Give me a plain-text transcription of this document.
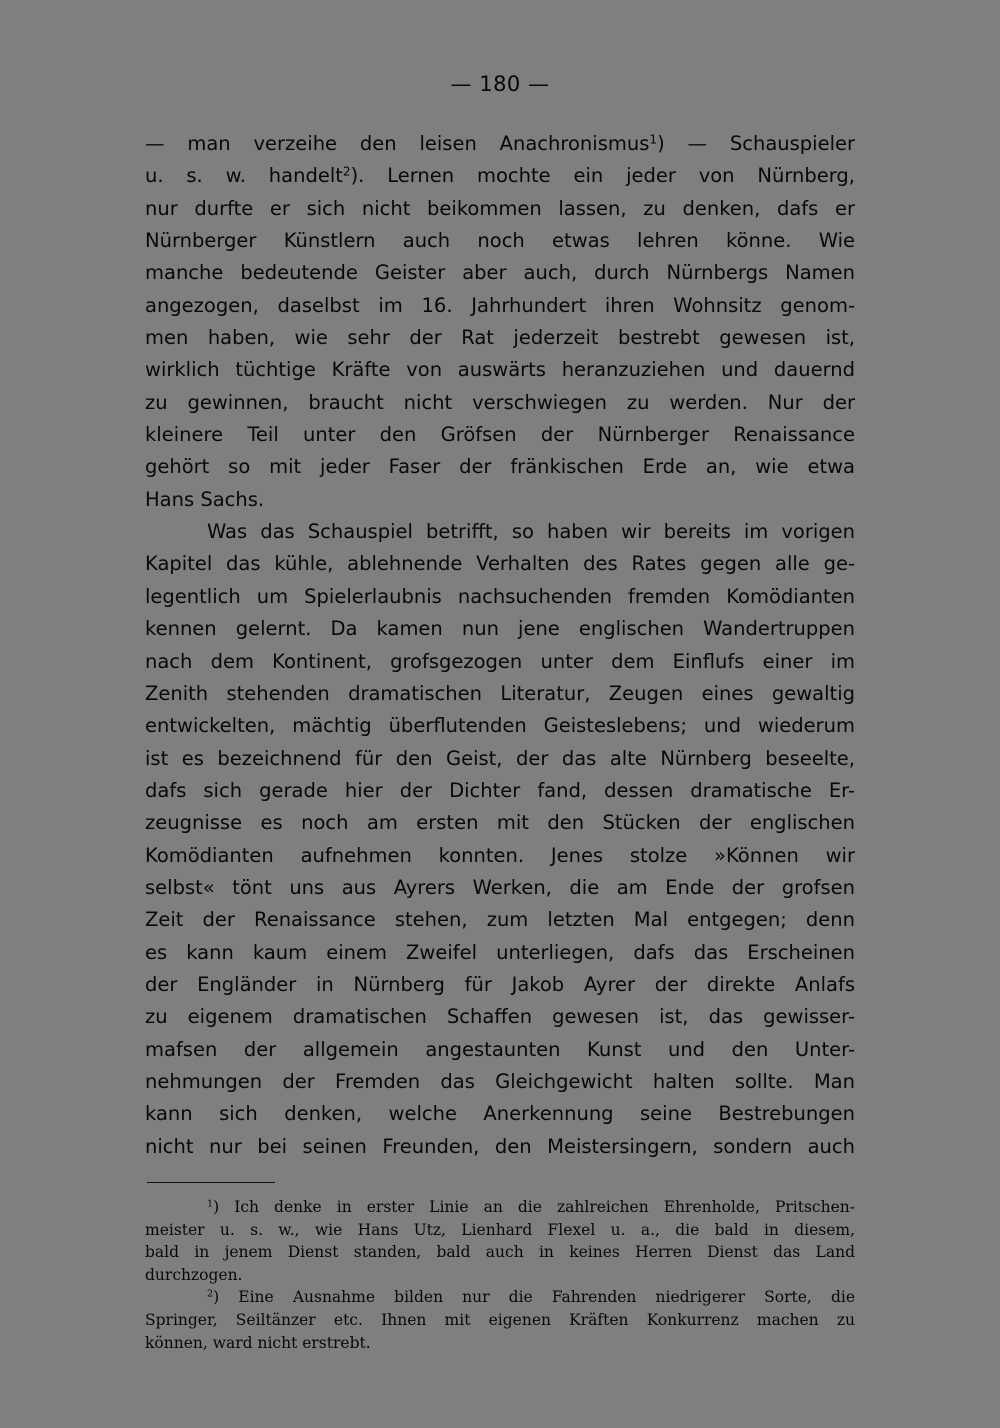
— 180 —
— man verzeihe den leisen Anachronismus$^1$) — Schauspieler
u. s. w. handelt$^2$). Lernen mochte ein jeder von Nürnberg,
nur durfte er sich nicht beikommen lassen, zu denken, dafs er
Nürnberger Künstlern auch noch etwas lehren könne. Wie
manche bedeutende Geister aber auch, durch Nürnbergs Namen
angezogen, daselbst im 16. Jahrhundert ihren Wohnsitz genom-
men haben, wie sehr der Rat jederzeit bestrebt gewesen ist,
wirklich tüchtige Kräfte von auswärts heranzuziehen und dauernd
zu gewinnen, braucht nicht verschwiegen zu werden. Nur der
kleinere Teil unter den Gröfsen der Nürnberger Renaissance
gehört so mit jeder Faser der fränkischen Erde an, wie etwa
Hans Sachs.
Was das Schauspiel betrifft, so haben wir bereits im vorigen
Kapitel das kühle, ablehnende Verhalten des Rates gegen alle ge-
legentlich um Spielerlaubnis nachsuchenden fremden Komödianten
kennen gelernt. Da kamen nun jene englischen Wandertruppen
nach dem Kontinent, grofsgezogen unter dem Einflufs einer im
Zenith stehenden dramatischen Literatur, Zeugen eines gewaltig
entwickelten, mächtig überflutenden Geisteslebens; und wiederum
ist es bezeichnend für den Geist, der das alte Nürnberg beseelte,
dafs sich gerade hier der Dichter fand, dessen dramatische Er-
zeugnisse es noch am ersten mit den Stücken der englischen
Komödianten aufnehmen konnten. Jenes stolze »Können wir
selbst« tönt uns aus Ayrers Werken, die am Ende der grofsen
Zeit der Renaissance stehen, zum letzten Mal entgegen; denn
es kann kaum einem Zweifel unterliegen, dafs das Erscheinen
der Engländer in Nürnberg für Jakob Ayrer der direkte Anlafs
zu eigenem dramatischen Schaffen gewesen ist, das gewisser-
mafsen der allgemein angestaunten Kunst und den Unter-
nehmungen der Fremden das Gleichgewicht halten sollte. Man
kann sich denken, welche Anerkennung seine Bestrebungen
nicht nur bei seinen Freunden, den Meistersingern, sondern auch
$^1$) Ich denke in erster Linie an die zahlreichen Ehrenholde, Pritschen-
meister u. s. w., wie Hans Utz, Lienhard Flexel u. a., die bald in diesem,
bald in jenem Dienst standen, bald auch in keines Herren Dienst das Land
durchzogen.
$^2$) Eine Ausnahme bilden nur die Fahrenden niedrigerer Sorte, die
Springer, Seiltänzer etc. Ihnen mit eigenen Kräften Konkurrenz machen zu
können, ward nicht erstrebt.
